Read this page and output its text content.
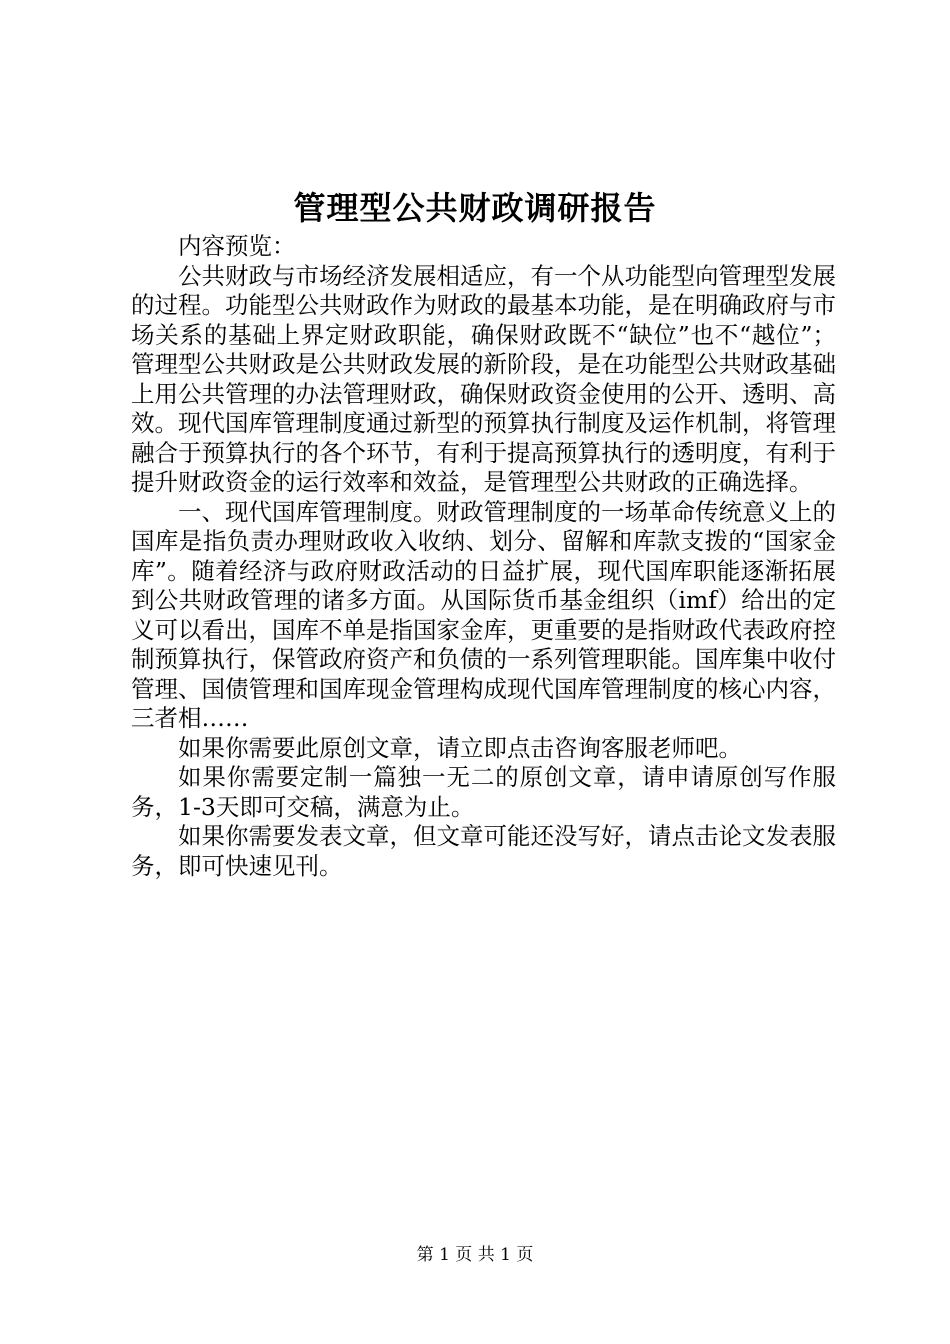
管理型公共财政调研报告

内容预览：

公共财政与市场经济发展相适应，有一个从功能型向管理型发展的过程。功能型公共财政作为财政的最基本功能，是在明确政府与市场关系的基础上界定财政职能，确保财政既不“缺位”也不“越位”；管理型公共财政是公共财政发展的新阶段，是在功能型公共财政基础上用公共管理的办法管理财政，确保财政资金使用的公开、透明、高效。现代国库管理制度通过新型的预算执行制度及运作机制，将管理融合于预算执行的各个环节，有利于提高预算执行的透明度，有利于提升财政资金的运行效率和效益，是管理型公共财政的正确选择。

一、现代国库管理制度。财政管理制度的一场革命传统意义上的国库是指负责办理财政收入收纳、划分、留解和库款支拨的“国家金库”。随着经济与政府财政活动的日益扩展，现代国库职能逐渐拓展到公共财政管理的诸多方面。从国际货币基金组织（imf）给出的定义可以看出，国库不单是指国家金库，更重要的是指财政代表政府控制预算执行，保管政府资产和负债的一系列管理职能。国库集中收付管理、国债管理和国库现金管理构成现代国库管理制度的核心内容，三者相……

如果你需要此原创文章，请立即点击咨询客服老师吧。

如果你需要定制一篇独一无二的原创文章，请申请原创写作服务，1-3天即可交稿，满意为止。

如果你需要发表文章，但文章可能还没写好，请点击论文发表服务，即可快速见刊。

第 1 页 共 1 页
